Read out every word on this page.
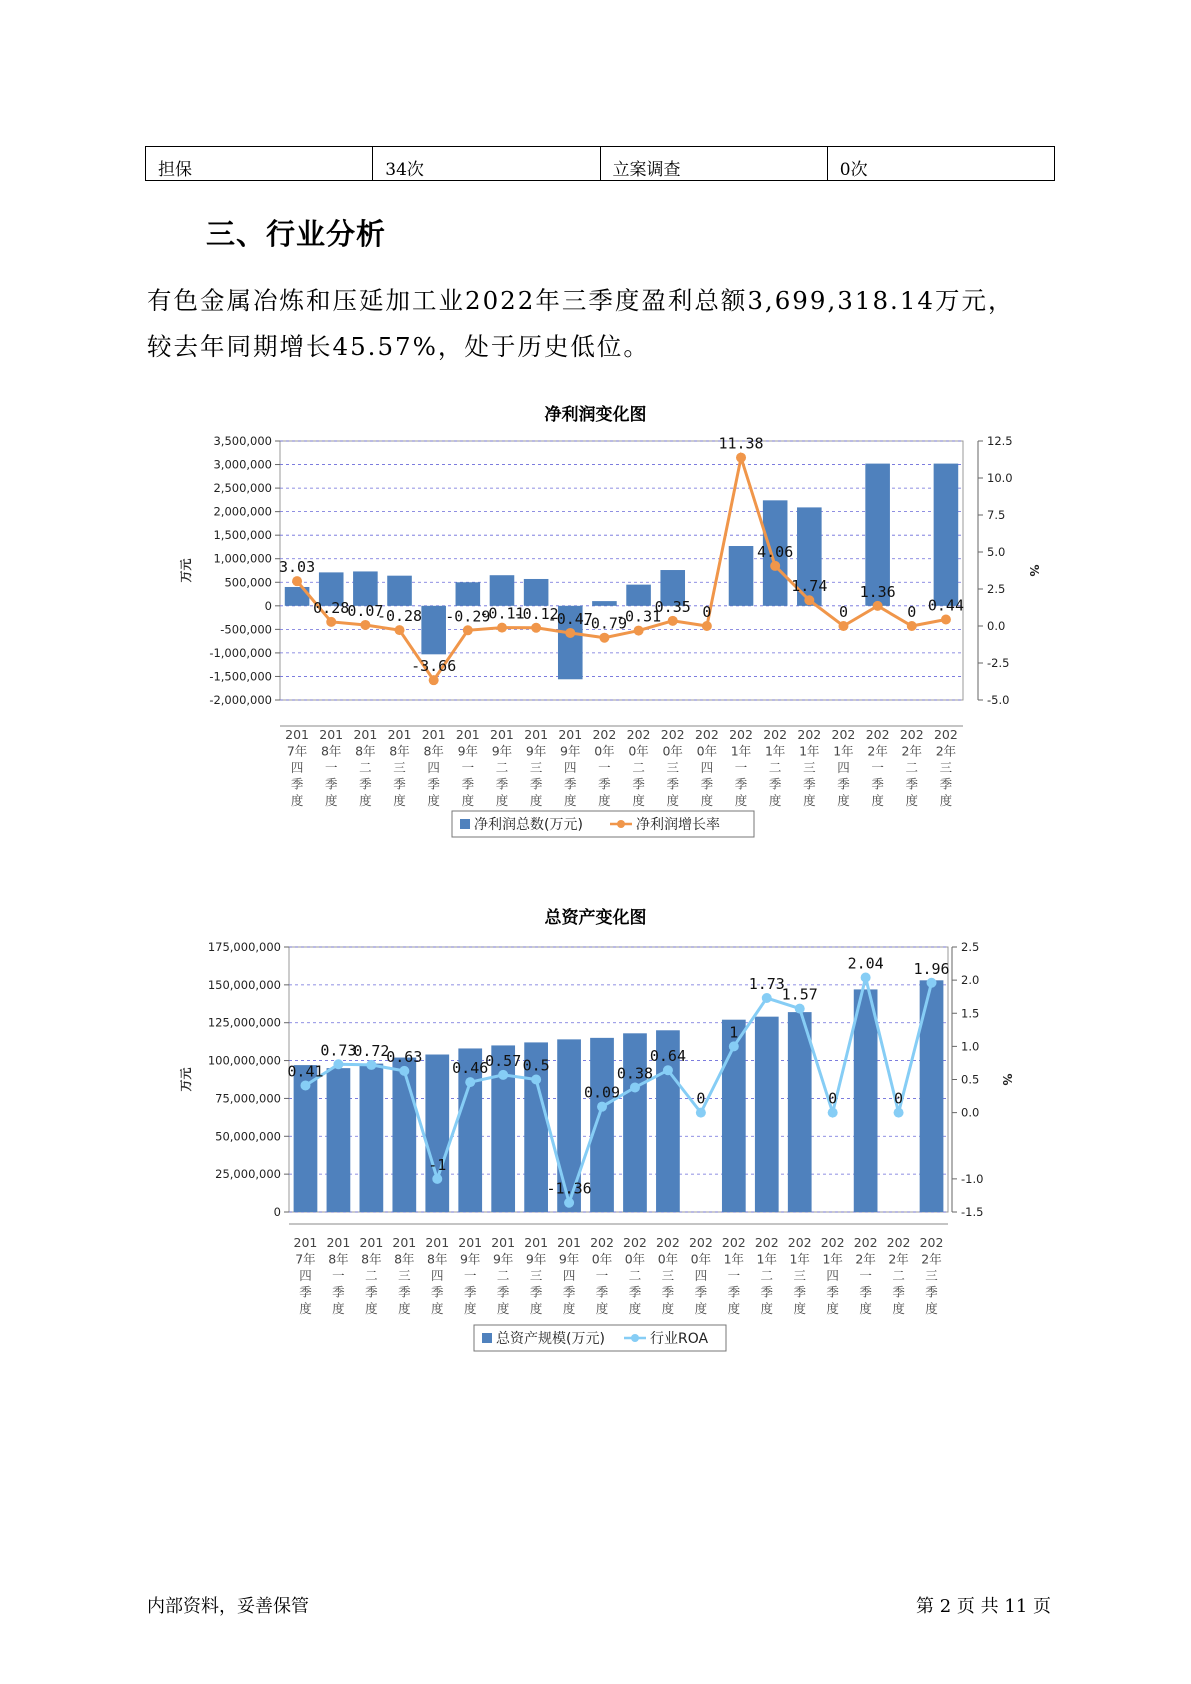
担保	34次	立案调查	0次
三、行业分析

有色金属冶炼和压延加工业2022年三季度盈利总额3,699,318.14万元，

较去年同期增长45.57%，处于历史低位。

净利润变化图
3,500,000
3,000,000
2,500,000
2,000,000
1,500,000
1,000,000
500,000
0
-500,000
-1,000,000
-1,500,000
-2,000,000
12.5
10.0
7.5
5.0
2.5
0.0
-2.5
-5.0
万元	%
201
7年
四
季
度
201
8年
一
季
度
201
8年
二
季
度
201
8年
三
季
度
201
8年
四
季
度
201
9年
一
季
度
201
9年
二
季
度
201
9年
三
季
度
201
9年
四
季
度
202
0年
一
季
度
202
0年
二
季
度
202
0年
三
季
度
202
0年
四
季
度
202
1年
一
季
度
202
1年
二
季
度
202
1年
三
季
度
202
1年
四
季
度
202
2年
一
季
度
202
2年
二
季
度
202
2年
三
季
度
3.03
0.28
0.07
-0.28
-3.66
-0.29
-0.11
-0.12
-0.47
-0.79
-0.31
0.35 0
11.38
4.06
1.74
0
1.36
0 0.44
净利润总数(万元)	净利润增长率
总资产变化图
175,000,000
150,000,000
125,000,000
100,000,000
75,000,000
50,000,000
25,000,000
0
2.5
2.0
1.5
1.0
0.5
0.0
-1.0
-1.5
万元	%
201
7年
四
季
度
201
8年
一
季
度
201
8年
二
季
度
201
8年
三
季
度
201
8年
四
季
度
201
9年
一
季
度
201
9年
二
季
度
201
9年
三
季
度
201
9年
四
季
度
202
0年
一
季
度
202
0年
二
季
度
202
0年
三
季
度
202
0年
四
季
度
202
1年
一
季
度
202
1年
二
季
度
202
1年
三
季
度
202
1年
四
季
度
202
2年
一
季
度
202
2年
二
季
度
202
2年
三
季
度
0.41
0.73
0.72
0.63
-1
0.46
0.57 0.5
-1.36
0.09
0.38
0.64
0
1
1.73
1.57
0
2.04
0
1.96
总资产规模(万元)	行业ROA
内部资料，妥善保管	第 2 页 共 11 页
